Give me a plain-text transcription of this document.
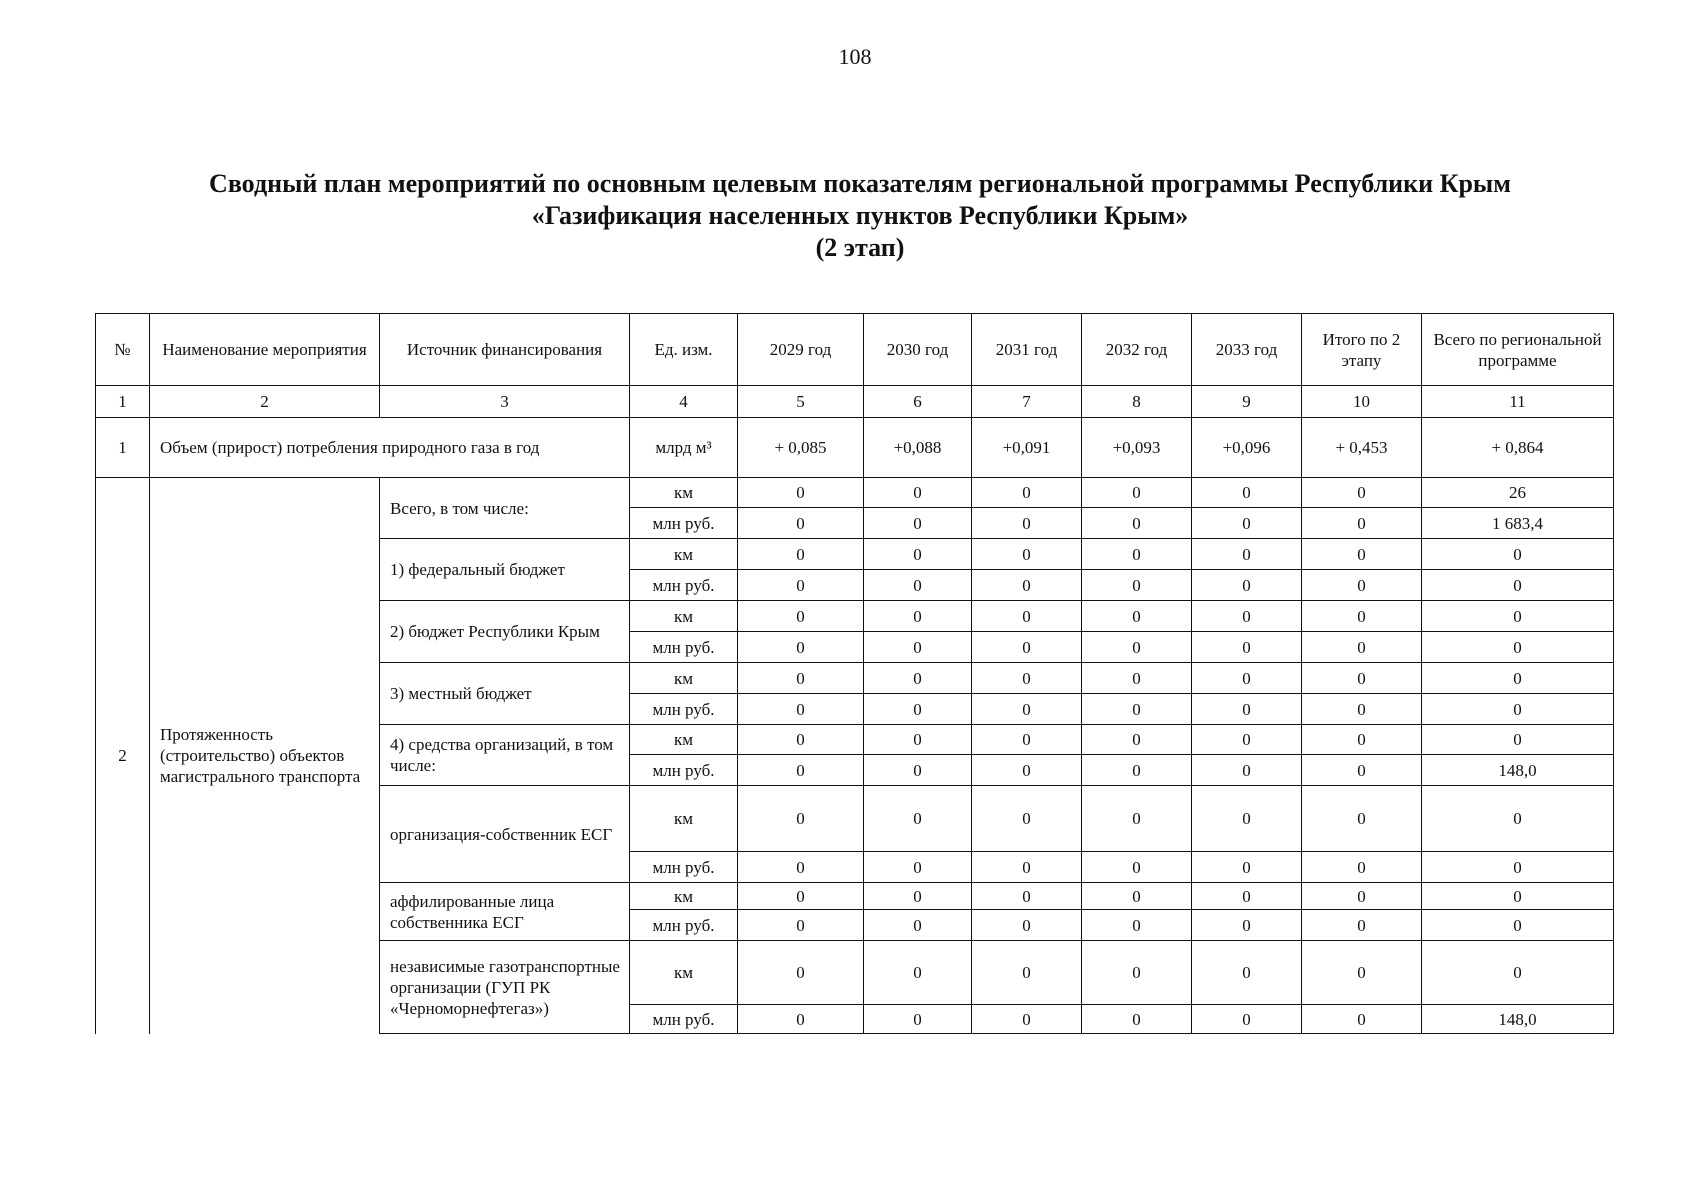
108
Сводный план мероприятий по основным целевым показателям региональной программы Республики Крым
«Газификация населенных пунктов Республики Крым»
(2 этап)
№	Наименование мероприятия	Источник финансирования	Ед. изм.	2029 год	2030 год	2031 год	2032 год	2033 год	Итого по 2 этапу	Всего по региональной программе
1	2	3	4	5	6	7	8	9	10	11
1	Объем (прирост) потребления природного газа в год		млрд м³	+ 0,085	+0,088	+0,091	+0,093	+0,096	+ 0,453	+ 0,864
2	Протяженность (строительство) объектов магистрального транспорта	Всего, в том числе:	км	0	0	0	0	0	0	26
			млн руб.	0	0	0	0	0	0	1 683,4
		1) федеральный бюджет	км	0	0	0	0	0	0	0
			млн руб.	0	0	0	0	0	0	0
		2) бюджет Республики Крым	км	0	0	0	0	0	0	0
			млн руб.	0	0	0	0	0	0	0
		3) местный бюджет	км	0	0	0	0	0	0	0
			млн руб.	0	0	0	0	0	0	0
		4) средства организаций, в том числе:	км	0	0	0	0	0	0	0
			млн руб.	0	0	0	0	0	0	148,0
		организация-собственник ЕСГ	км	0	0	0	0	0	0	0
			млн руб.	0	0	0	0	0	0	0
		аффилированные лица собственника ЕСГ	км	0	0	0	0	0	0	0
			млн руб.	0	0	0	0	0	0	0
		независимые газотранспортные организации (ГУП РК «Черноморнефтегаз»)	км	0	0	0	0	0	0	0
			млн руб.	0	0	0	0	0	0	148,0
